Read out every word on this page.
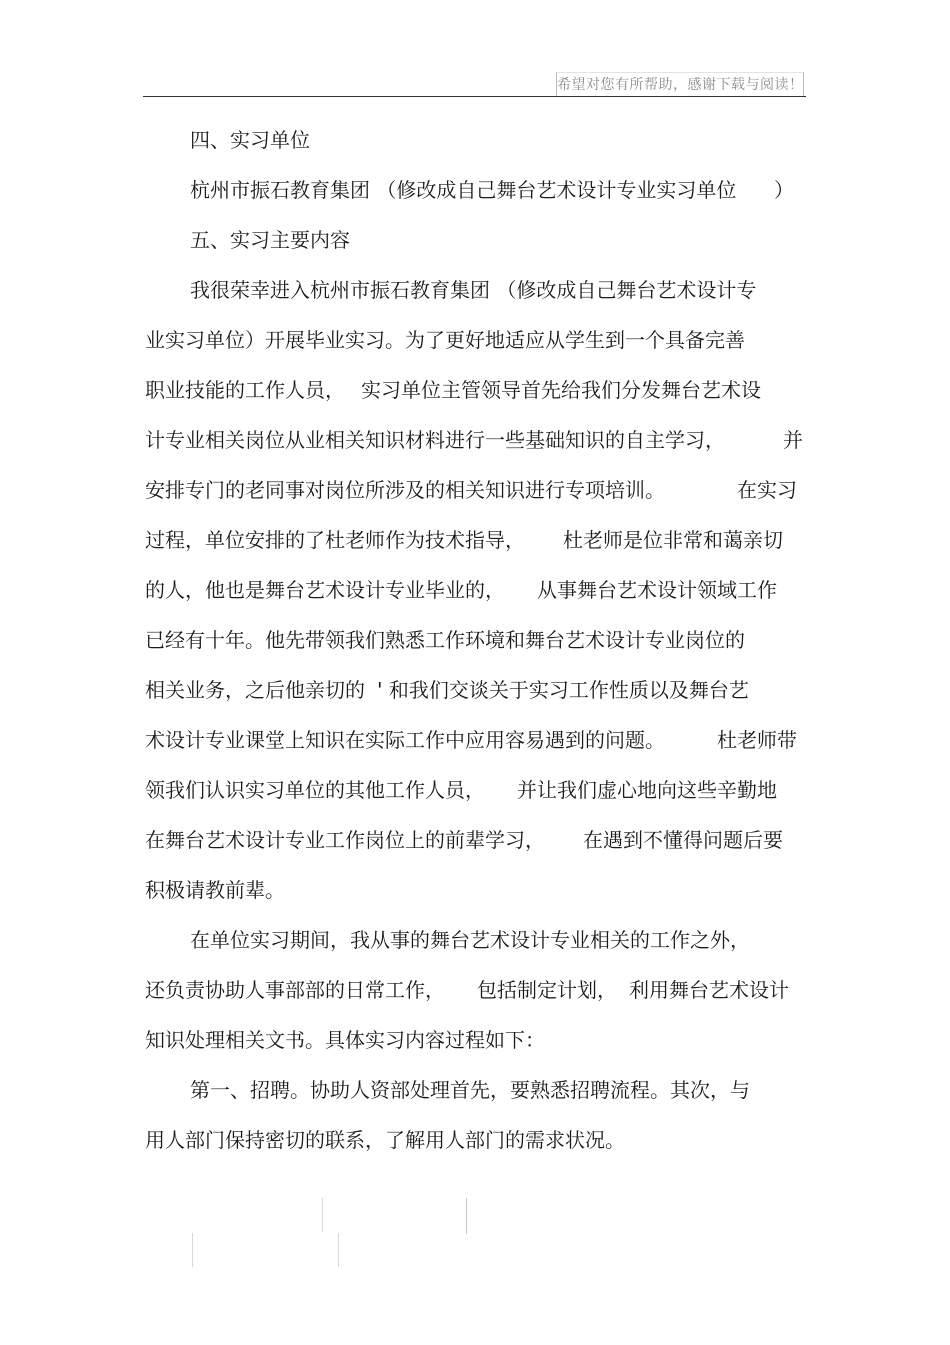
希望对您有所帮助，感谢下载与阅读！
四、实习单位
杭州市振石教育集团 （修改成自己舞台艺术设计专业实习单位 ）
五、实习主要内容
我很荣幸进入杭州市振石教育集团 （修改成自己舞台艺术设计专
业实习单位）开展毕业实习。为了更好地适应从学生到一个具备完善
职业技能的工作人员， 实习单位主管领导首先给我们分发舞台艺术设
计专业相关岗位从业相关知识材料进行一些基础知识的自主学习，	并
安排专门的老同事对岗位所涉及的相关知识进行专项培训。	在实习
过程，单位安排的了杜老师作为技术指导， 杜老师是位非常和蔼亲切
的人，他也是舞台艺术设计专业毕业的， 从事舞台艺术设计领域工作
已经有十年。他先带领我们熟悉工作环境和舞台艺术设计专业岗位的
相关业务，之后他亲切的 ' 和我们交谈关于实习工作性质以及舞台艺
术设计专业课堂上知识在实际工作中应用容易遇到的问题。	杜老师带
领我们认识实习单位的其他工作人员， 并让我们虚心地向这些辛勤地
在舞台艺术设计专业工作岗位上的前辈学习， 在遇到不懂得问题后要
积极请教前辈。
在单位实习期间，我从事的舞台艺术设计专业相关的工作之外，
还负责协助人事部部的日常工作， 包括制定计划， 利用舞台艺术设计
知识处理相关文书。具体实习内容过程如下：
第一、招聘。协助人资部处理首先，要熟悉招聘流程。其次，与
用人部门保持密切的联系，了解用人部门的需求状况。
